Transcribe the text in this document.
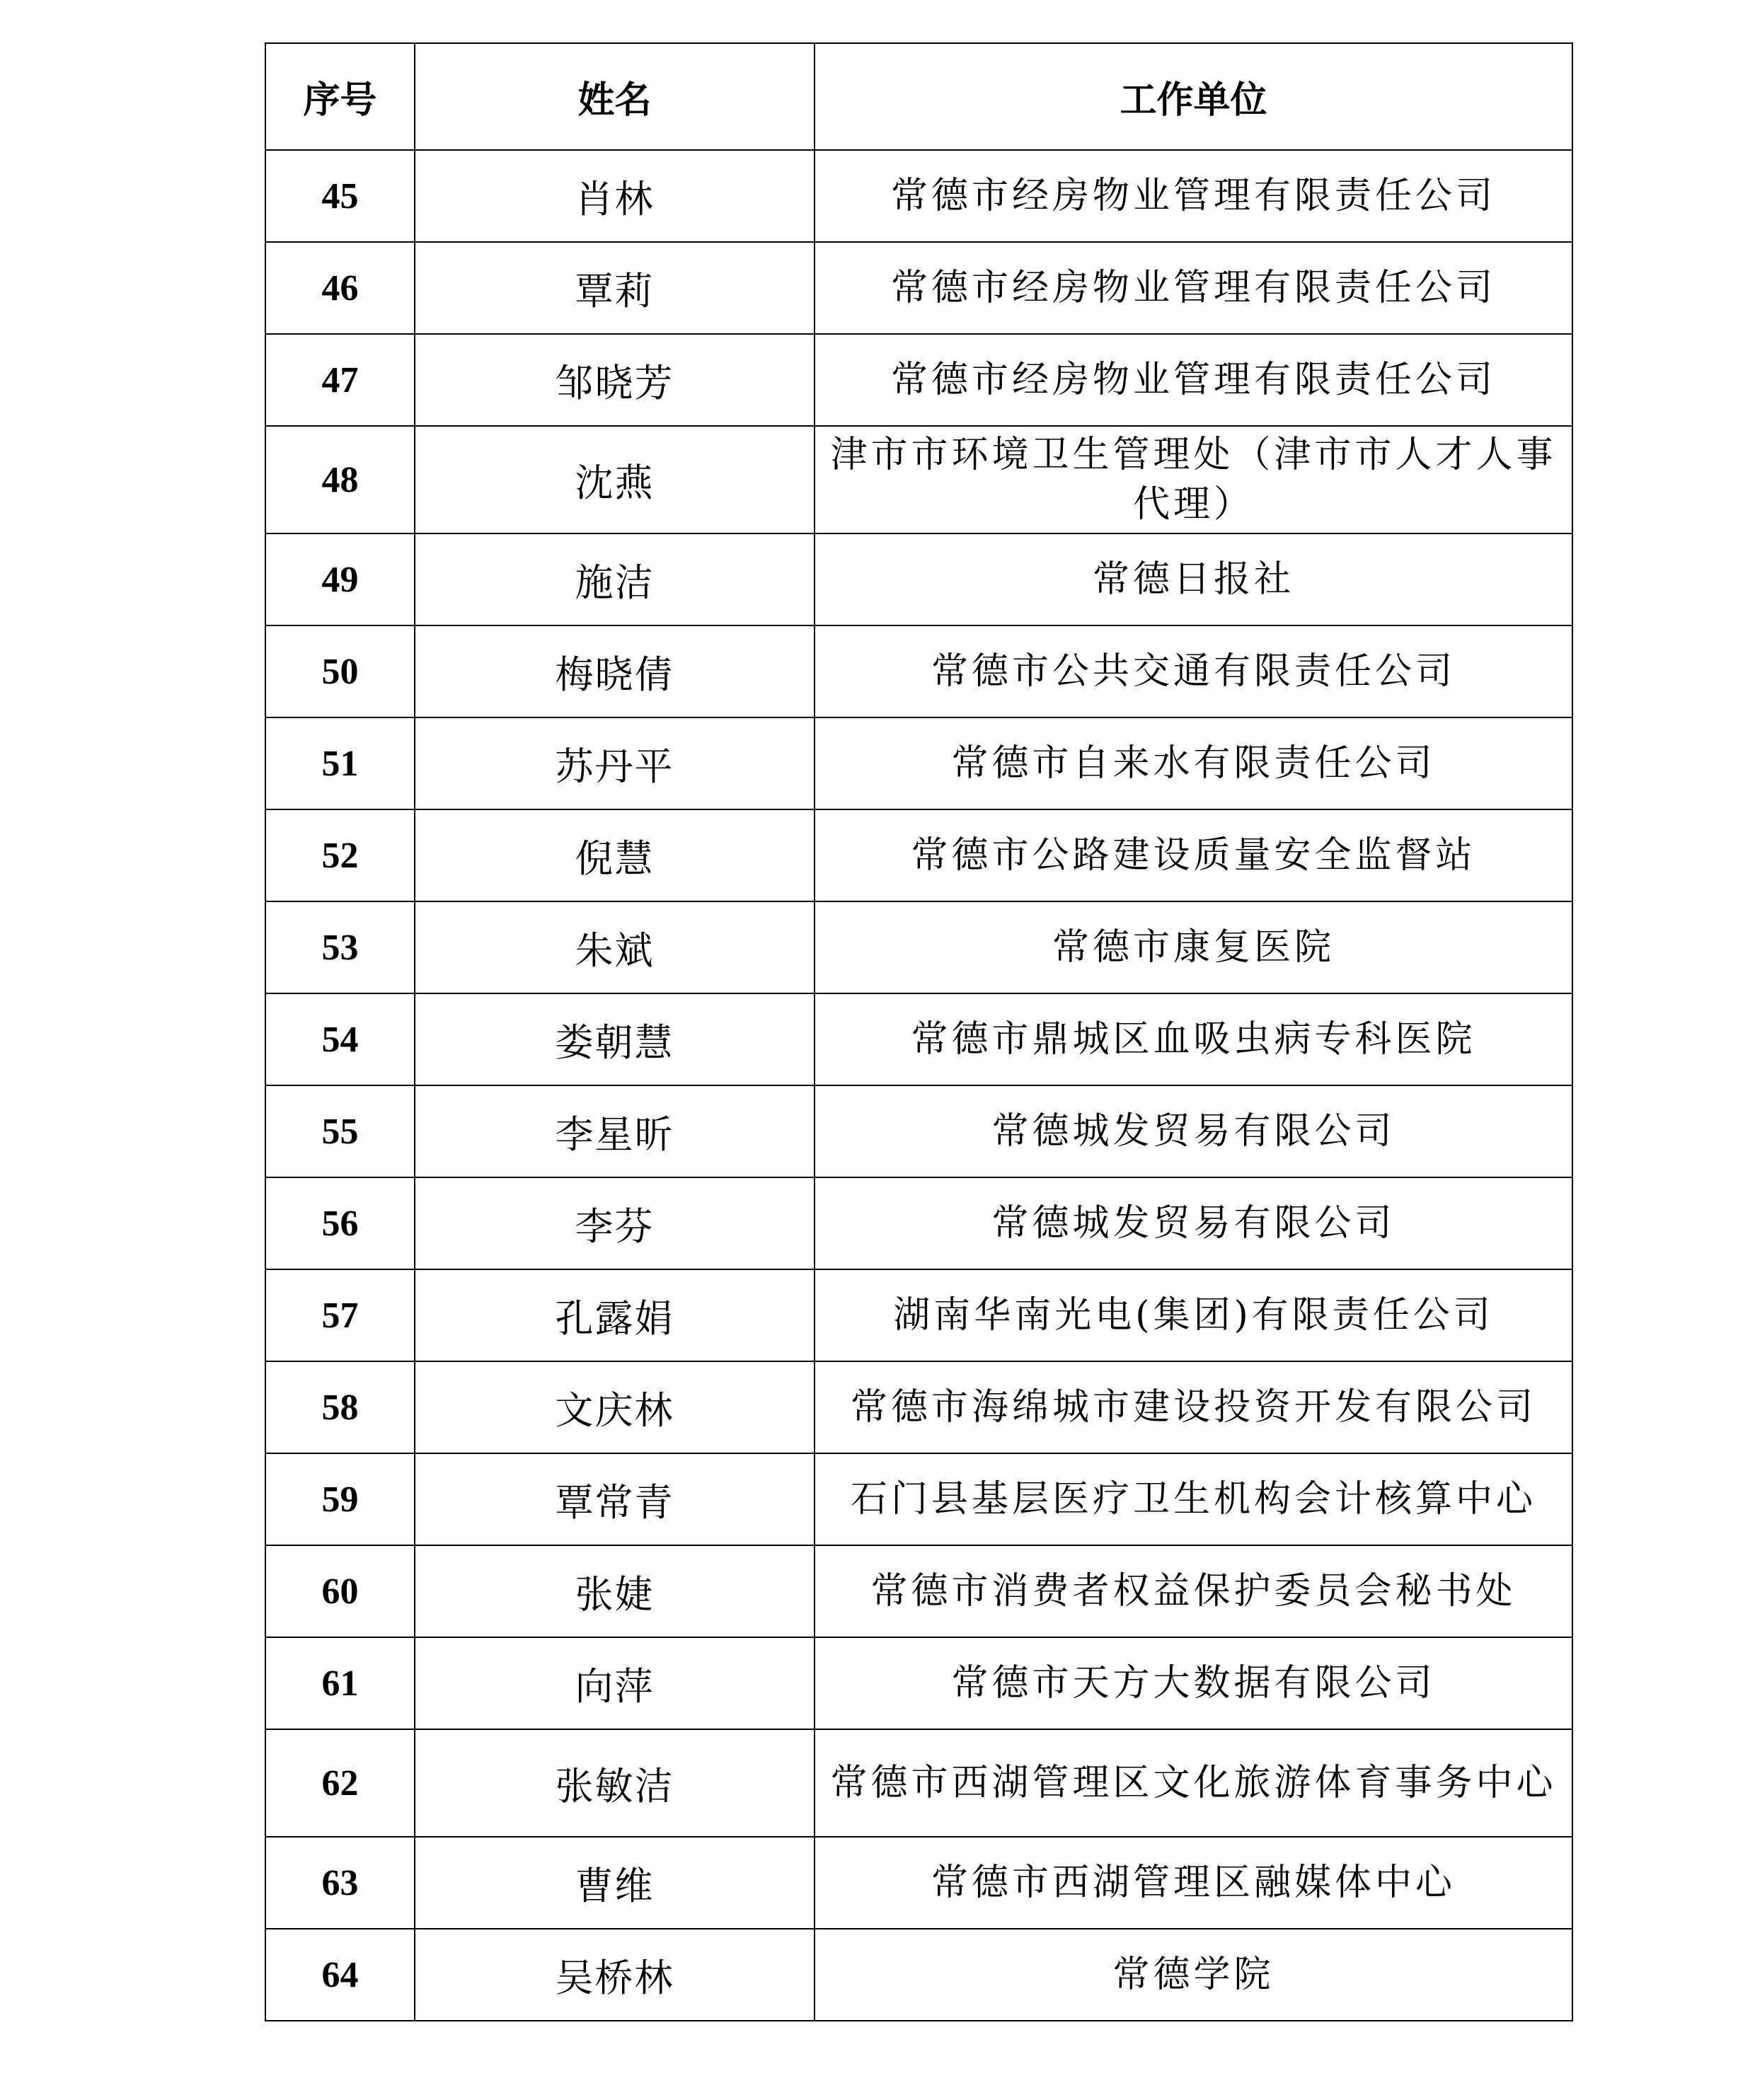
序号	姓名	工作单位
45	肖林	常德市经房物业管理有限责任公司
46	覃莉	常德市经房物业管理有限责任公司
47	邹晓芳	常德市经房物业管理有限责任公司
48	沈燕	津市市环境卫生管理处（津市市人才人事代理）
49	施洁	常德日报社
50	梅晓倩	常德市公共交通有限责任公司
51	苏丹平	常德市自来水有限责任公司
52	倪慧	常德市公路建设质量安全监督站
53	朱斌	常德市康复医院
54	娄朝慧	常德市鼎城区血吸虫病专科医院
55	李星昕	常德城发贸易有限公司
56	李芬	常德城发贸易有限公司
57	孔露娟	湖南华南光电(集团)有限责任公司
58	文庆林	常德市海绵城市建设投资开发有限公司
59	覃常青	石门县基层医疗卫生机构会计核算中心
60	张婕	常德市消费者权益保护委员会秘书处
61	向萍	常德市天方大数据有限公司
62	张敏洁	常德市西湖管理区文化旅游体育事务中心
63	曹维	常德市西湖管理区融媒体中心
64	吴桥林	常德学院
